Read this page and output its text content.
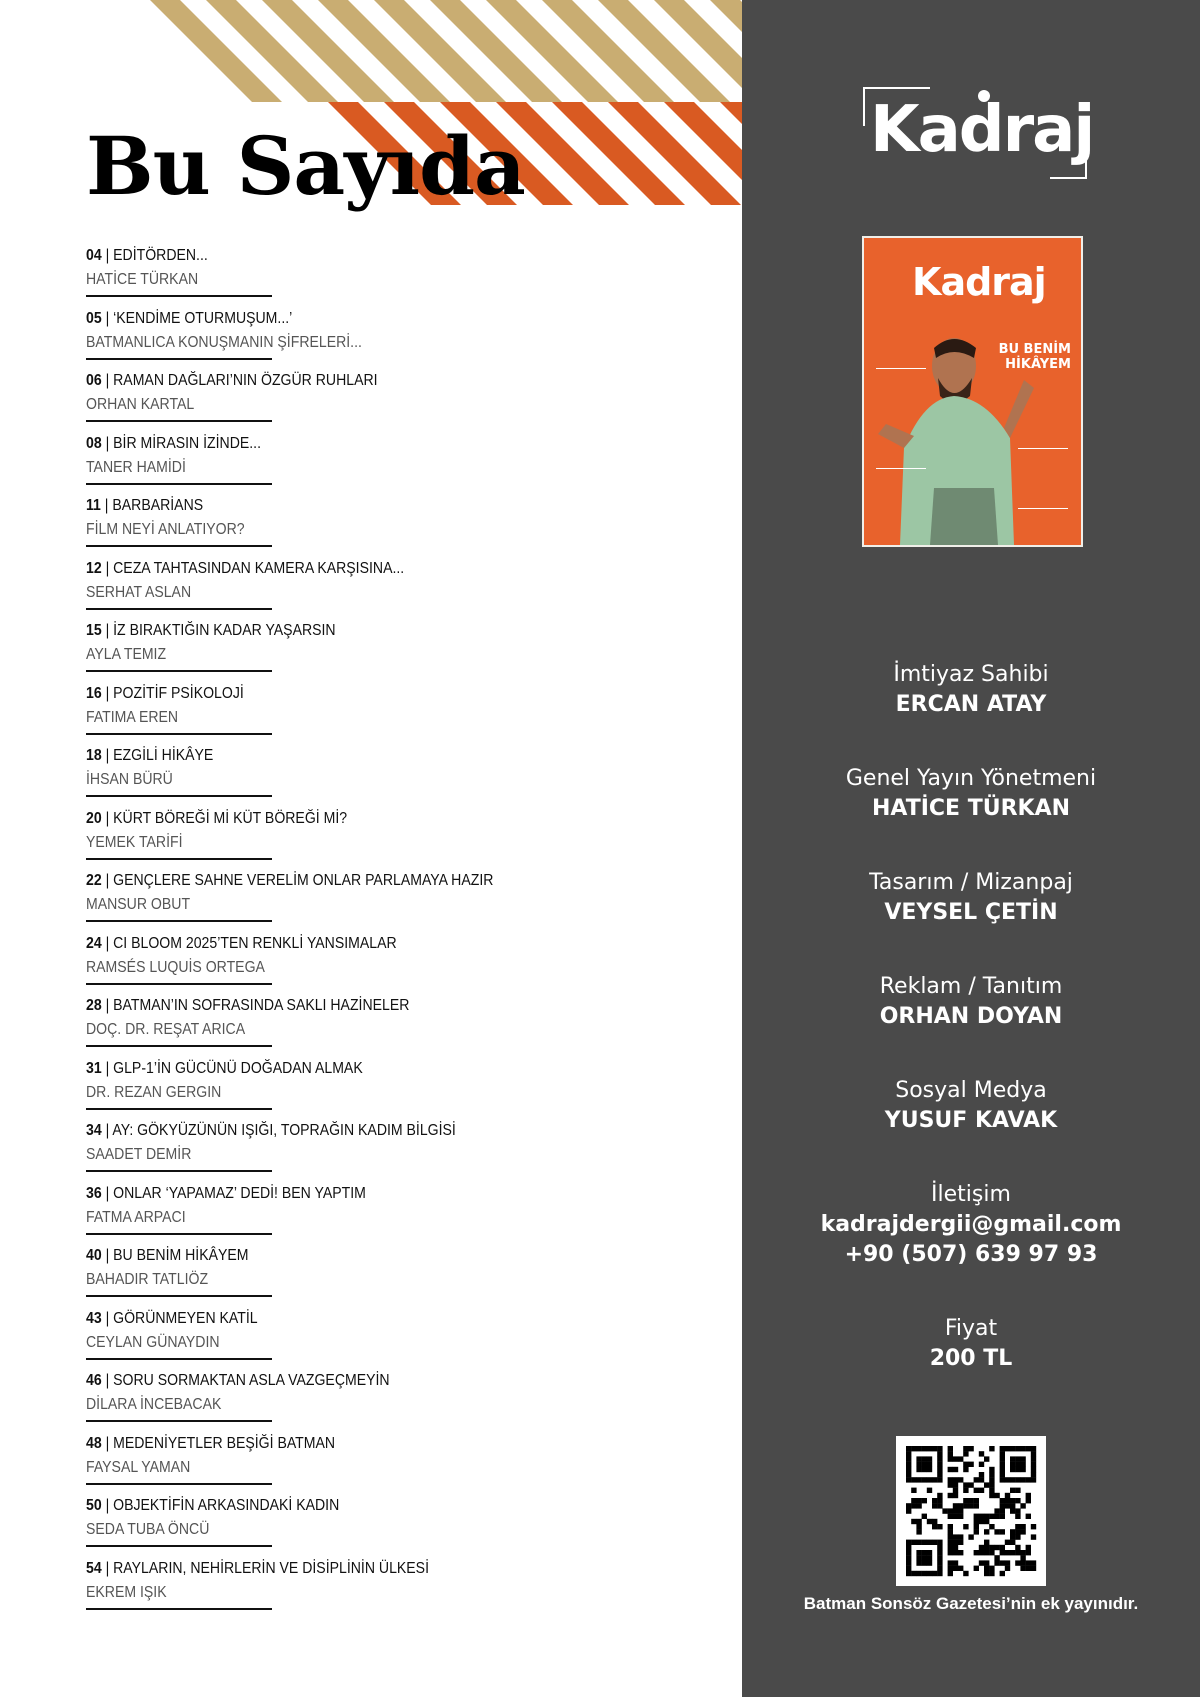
Bu Sayıda
04 | EDİTÖRDEN...
HATİCE TÜRKAN
05 | ‘KENDİME OTURMUŞUM...’
BATMANLICA KONUŞMANIN ŞİFRELERİ...
06 | RAMAN DAĞLARI’NIN ÖZGÜR RUHLARI
ORHAN KARTAL
08 | BİR MİRASIN İZİNDE...
TANER HAMİDİ
11 | BARBARİANS
FİLM NEYİ ANLATIYOR?
12 | CEZA TAHTASINDAN KAMERA KARŞISINA...
SERHAT ASLAN
15 | İZ BIRAKTIĞIN KADAR YAŞARSIN
AYLA TEMIZ
16 | POZİTİF PSİKOLOJİ
FATIMA EREN
18 | EZGİLİ HİKÂYE
İHSAN BÜRÜ
20 | KÜRT BÖREĞİ Mİ KÜT BÖREĞİ Mİ?
YEMEK TARİFİ
22 | GENÇLERE SAHNE VERELİM ONLAR PARLAMAYA HAZIR
MANSUR OBUT
24 | CI BLOOM 2025’TEN RENKLİ YANSIMALAR
RAMSÉS LUQUİS ORTEGA
28 | BATMAN’IN SOFRASINDA SAKLI HAZİNELER
DOÇ. DR. REŞAT ARICA
31 | GLP-1’İN GÜCÜNÜ DOĞADAN ALMAK
DR. REZAN GERGIN
34 | AY: GÖKYÜZÜNÜN IŞIĞI, TOPRAĞIN KADIM BİLGİSİ
SAADET DEMİR
36 | ONLAR ‘YAPAMAZ’ DEDİ! BEN YAPTIM
FATMA ARPACI
40 | BU BENİM HİKÂYEM
BAHADIR TATLIÖZ
43 | GÖRÜNMEYEN KATİL
CEYLAN GÜNAYDIN
46 | SORU SORMAKTAN ASLA VAZGEÇMEYİN
DİLARA İNCEBACAK
48 | MEDENİYETLER BEŞİĞİ BATMAN
FAYSAL YAMAN
50 | OBJEKTİFİN ARKASINDAKİ KADIN
SEDA TUBA ÖNCÜ
54 | RAYLARIN, NEHİRLERİN VE DİSİPLİNİN ÜLKESİ
EKREM IŞIK
Kadraj
Kadraj
BU BENİM HİKÂYEM
İmtiyaz Sahibi
ERCAN ATAY
Genel Yayın Yönetmeni
HATİCE TÜRKAN
Tasarım / Mizanpaj
VEYSEL ÇETİN
Reklam / Tanıtım
ORHAN DOYAN
Sosyal Medya
YUSUF KAVAK
İletişim
kadrajdergii@gmail.com
+90 (507) 639 97 93
Fiyat
200 TL
Batman Sonsöz Gazetesi’nin ek yayınıdır.
